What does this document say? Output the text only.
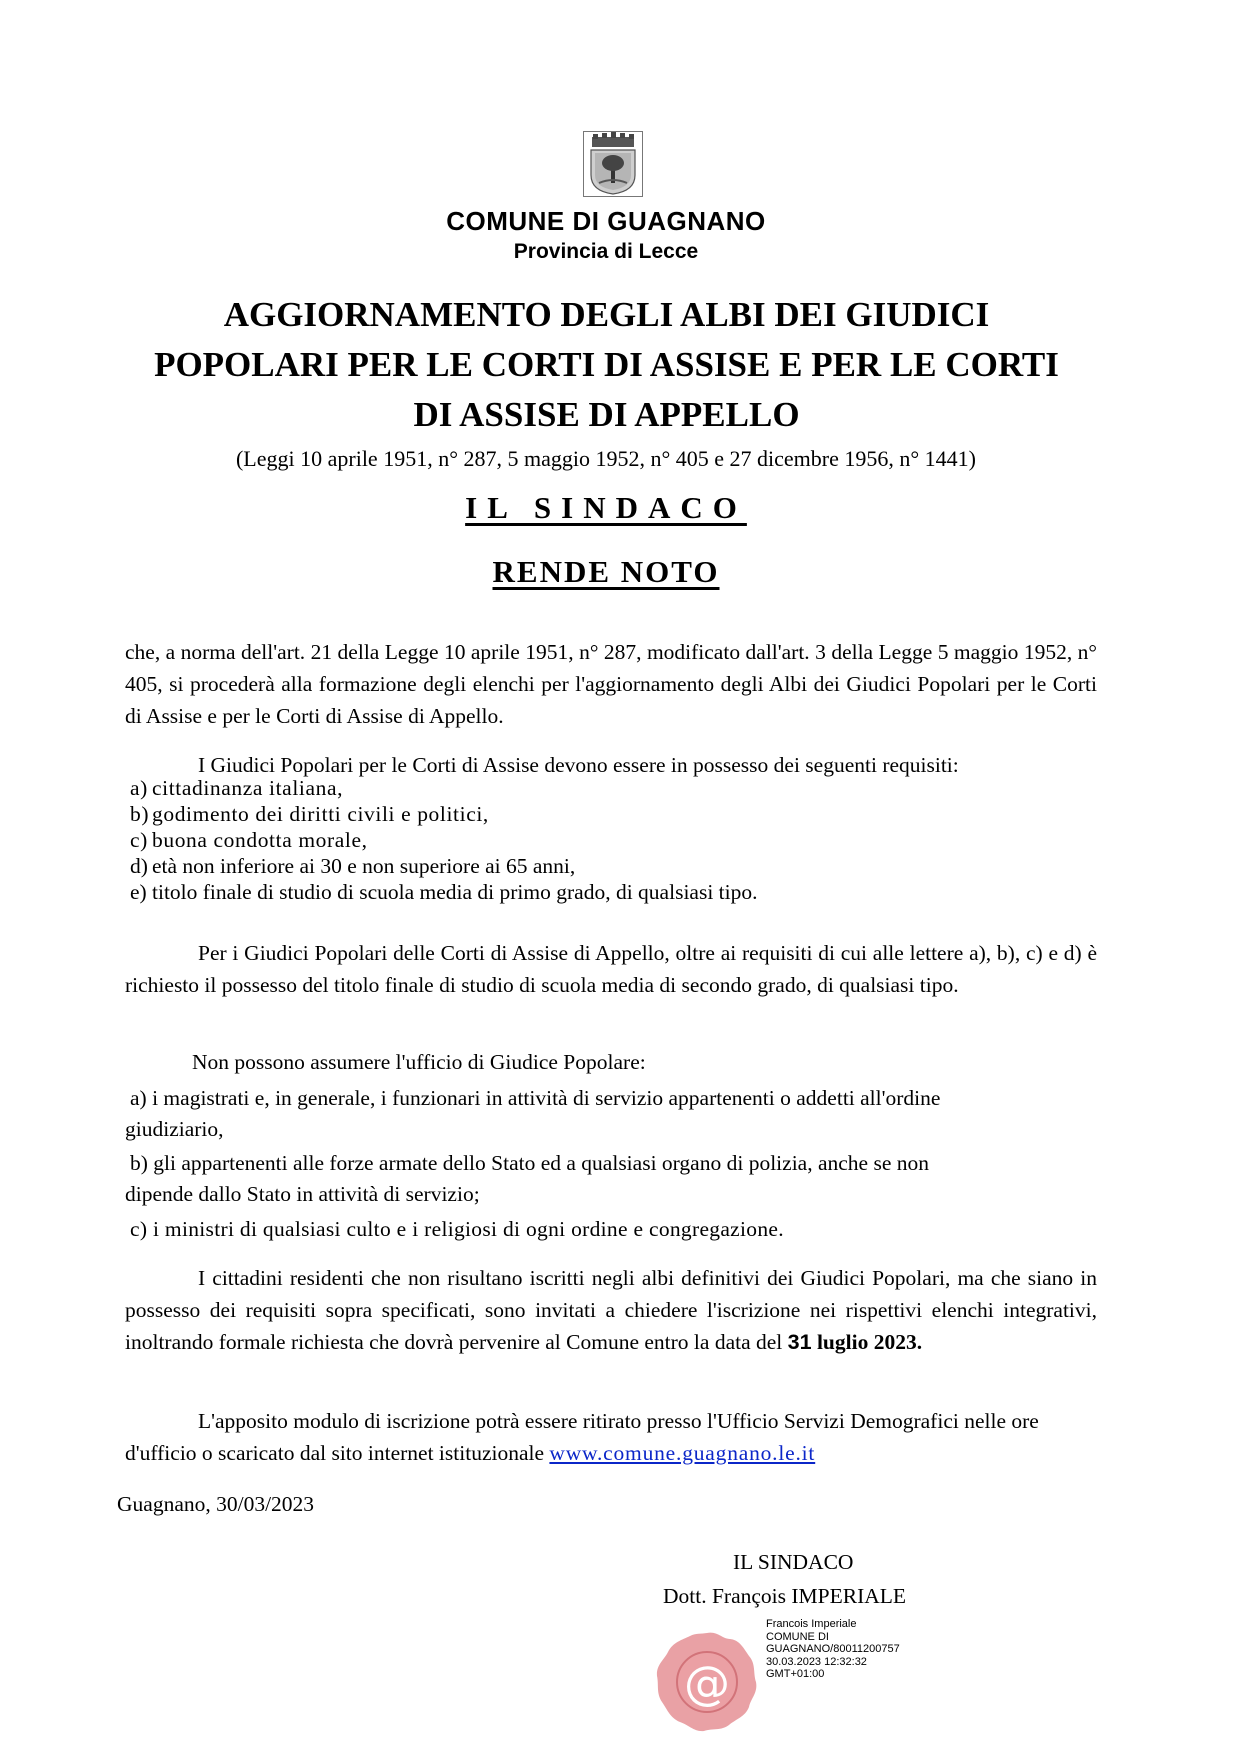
COMUNE DI GUAGNANO
Provincia di Lecce
AGGIORNAMENTO DEGLI ALBI DEI GIUDICI
POPOLARI PER LE CORTI DI ASSISE E PER LE CORTI
DI ASSISE DI APPELLO
(Leggi 10 aprile 1951, n° 287, 5 maggio 1952, n° 405 e 27 dicembre 1956, n° 1441)
IL SINDACO
RENDE NOTO
che, a norma dell'art. 21 della Legge 10 aprile 1951, n° 287, modificato dall'art. 3 della Legge 5 maggio 1952, n° 405, si procederà alla formazione degli elenchi per l'aggiornamento degli Albi dei Giudici Popolari per le Corti di Assise e per le Corti di Assise di Appello.
I Giudici Popolari per le Corti di Assise devono essere in possesso dei seguenti requisiti:
a) cittadinanza italiana,
b) godimento dei diritti civili e politici,
c) buona condotta morale,
d) età non inferiore ai 30 e non superiore ai 65 anni,
e) titolo finale di studio di scuola media di primo grado, di qualsiasi tipo.
Per i Giudici Popolari delle Corti di Assise di Appello, oltre ai requisiti di cui alle lettere a), b), c) e d) è richiesto il possesso del titolo finale di studio di scuola media di secondo grado, di qualsiasi tipo.
Non possono assumere l'ufficio di Giudice Popolare:
a) i magistrati e, in generale, i funzionari in attività di servizio appartenenti o addetti all'ordine
giudiziario,
b) gli appartenenti alle forze armate dello Stato ed a qualsiasi organo di polizia, anche se non
dipende dallo Stato in attività di servizio;
c) i ministri di qualsiasi culto e i religiosi di ogni ordine e congregazione.
I cittadini residenti che non risultano iscritti negli albi definitivi dei Giudici Popolari, ma che siano in possesso dei requisiti sopra specificati, sono invitati a chiedere l'iscrizione nei rispettivi elenchi integrativi, inoltrando formale richiesta che dovrà pervenire al Comune entro la data del 31 luglio 2023.
L'apposito modulo di iscrizione potrà essere ritirato presso l'Ufficio Servizi Demografici nelle ore d'ufficio o scaricato dal sito internet istituzionale www.comune.guagnano.le.it
Guagnano, 30/03/2023
IL SINDACO
Dott. François IMPERIALE
@
Francois Imperiale
COMUNE DI
GUAGNANO/80011200757
30.03.2023 12:32:32
GMT+01:00
